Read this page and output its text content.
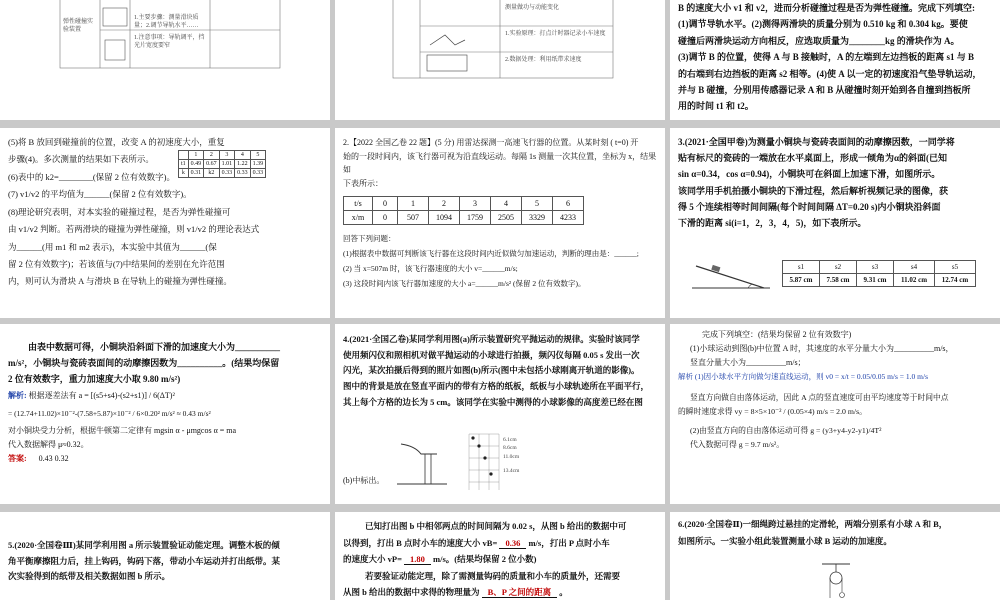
弹性碰撞实验装置
1.主要步骤：测量滑块质量；2.调节导轨水平……
1.注意事项：导轨调平，挡光片宽度要窄
测量做功与动能变化
1.实验原理：打点计时器记录小车速度
2.数据处理：利用纸带求速度
B 的速度大小 v1 和 v2，进而分析碰撞过程是否为弹性碰撞。完成下列填空:
(1)调节导轨水平。(2)测得两滑块的质量分别为 0.510 kg 和 0.304 kg。要使
碰撞后两滑块运动方向相反，应选取质量为________kg 的滑块作为 A。
(3)调节 B 的位置，使得 A 与 B 接触时，A 的左端到左边挡板的距离 s1 与 B
的右端到右边挡板的距离 s2 相等。(4)使 A 以一定的初速度沿气垫导轨运动，
并与 B 碰撞，分别用传感器记录 A 和 B 从碰撞时刻开始到各自撞到挡板所
用的时间 t1 和 t2。
(5)将 B 放回到碰撞前的位置，改变 A 的初速度大小，重复
步骤(4)。多次测量的结果如下表所示。
(6)表中的 k2=________(保留 2 位有效数字)。
(7) v1/v2 的平均值为______(保留 2 位有效数字)。
(8)理论研究表明，对本实验的碰撞过程，是否为弹性碰撞可
由 v1/v2 判断。若两滑块的碰撞为弹性碰撞，则 v1/v2 的理论表达式
为______(用 m1 和 m2 表示)，本实验中其值为______(保
留 2 位有效数字)；若该值与(7)中结果间的差别在允许范围
内，则可认为滑块 A 与滑块 B 在导轨上的碰撞为弹性碰撞。
	1	2	3	4	5
t1	0.49	0.67	1.01	1.22	1.39
k	0.31	k2	0.33	0.33	0.33
2.【2022 全国乙卷 22 题】(5 分) 用雷达探测一高速飞行器的位置。从某时刻 ( t=0) 开
始的一段时间内，该飞行器可视为沿直线运动。每隔 1s 测量一次其位置，坐标为 x，结果如
下表所示：
t/s	0	1	2	3	4	5	6
x/m	0	507	1094	1759	2505	3329	4233
回答下列问题：
(1)根据表中数据可判断该飞行器在这段时间内近似做匀加速运动，判断的理由是：______;
(2) 当 x=507m 时，该飞行器速度的大小 v=______m/s;
(3) 这段时间内该飞行器加速度的大小 a=______m/s² (保留 2 位有效数字)。
3.(2021·全国甲卷)为测量小铜块与瓷砖表面间的动摩擦因数，一同学将
贴有标尺的瓷砖的一端放在水平桌面上，形成一倾角为α的斜面(已知
sin α=0.34，cos α=0.94)，小铜块可在斜面上加速下滑，如图所示。
该同学用手机拍摄小铜块的下滑过程，然后解析视频记录的图像，获
得 5 个连续相等时间间隔(每个时间间隔 ΔT=0.20 s)内小铜块沿斜面
下滑的距离 si(i=1，2，3，4，5)，如下表所示。
s1	s2	s3	s4	s5
5.87 cm	7.58 cm	9.31 cm	11.02 cm	12.74 cm
由表中数据可得，小铜块沿斜面下滑的加速度大小为__________
m/s²，小铜块与瓷砖表面间的动摩擦因数为__________。(结果均保留
2 位有效数字，重力加速度大小取 9.80 m/s²)
解析: 根据逐差法有 a = [(s5+s4)-(s2+s1)] / 6(ΔT)²
= (12.74+11.02)×10⁻²-(7.58+5.87)×10⁻² / 6×0.20² m/s² ≈ 0.43 m/s²
对小铜块受力分析，根据牛顿第二定律有 mgsin α - μmgcos α = ma
代入数据解得 μ≈0.32。
答案: 0.43 0.32
4.(2021·全国乙卷)某同学利用图(a)所示装置研究平抛运动的规律。实验时该同学
使用频闪仪和照相机对做平抛运动的小球进行拍摄，频闪仪每隔 0.05 s 发出一次
闪光，某次拍摄后得到的照片如图(b)所示(图中未包括小球刚离开轨道的影像)。
图中的背景是放在竖直平面内的带有方格的纸板，纸板与小球轨迹所在平面平行，
其上每个方格的边长为 5 cm。该同学在实验中测得的小球影像的高度差已经在图
6.1cm
8.6cm
11.0cm
13.4cm
(b)中标出。
完成下列填空：(结果均保留 2 位有效数字)
(1)小球运动到图(b)中位置 A 时，其速度的水平分量大小为__________m/s，
竖直分量大小为__________m/s；
解析 (1)因小球水平方向做匀速直线运动，则 v0 = x/t = 0.05/0.05 m/s = 1.0 m/s
竖直方向做自由落体运动，因此 A 点的竖直速度可由平均速度等于时间中点
的瞬时速度求得 vy = 8×5×10⁻² / (0.05×4) m/s = 2.0 m/s。
(2)由竖直方向的自由落体运动可得 g = (y3+y4-y2-y1)/4T²
代入数据可得 g = 9.7 m/s²。
5.(2020·全国卷Ⅲ)某同学利用图 a 所示装置验证动能定理。调整木板的倾
角平衡摩擦阻力后，挂上钩码，钩码下落，带动小车运动并打出纸带。某
次实验得到的纸带及相关数据如图 b 所示。
已知打出图 b 中相邻两点的时间间隔为 0.02 s，从图 b 给出的数据中可
以得到，打出 B 点时小车的速度大小 vB= 0.36 m/s，打出 P 点时小车
的速度大小 vP= 1.80 m/s。(结果均保留 2 位小数)
若要验证动能定理，除了需测量钩码的质量和小车的质量外，还需要
从图 b 给出的数据中求得的物理量为 B、P 之间的距离 。
6.(2020·全国卷Ⅱ)一细绳跨过悬挂的定滑轮，两端分别系有小球 A 和 B，
如图所示。一实验小组此装置测量小球 B 运动的加速度。
